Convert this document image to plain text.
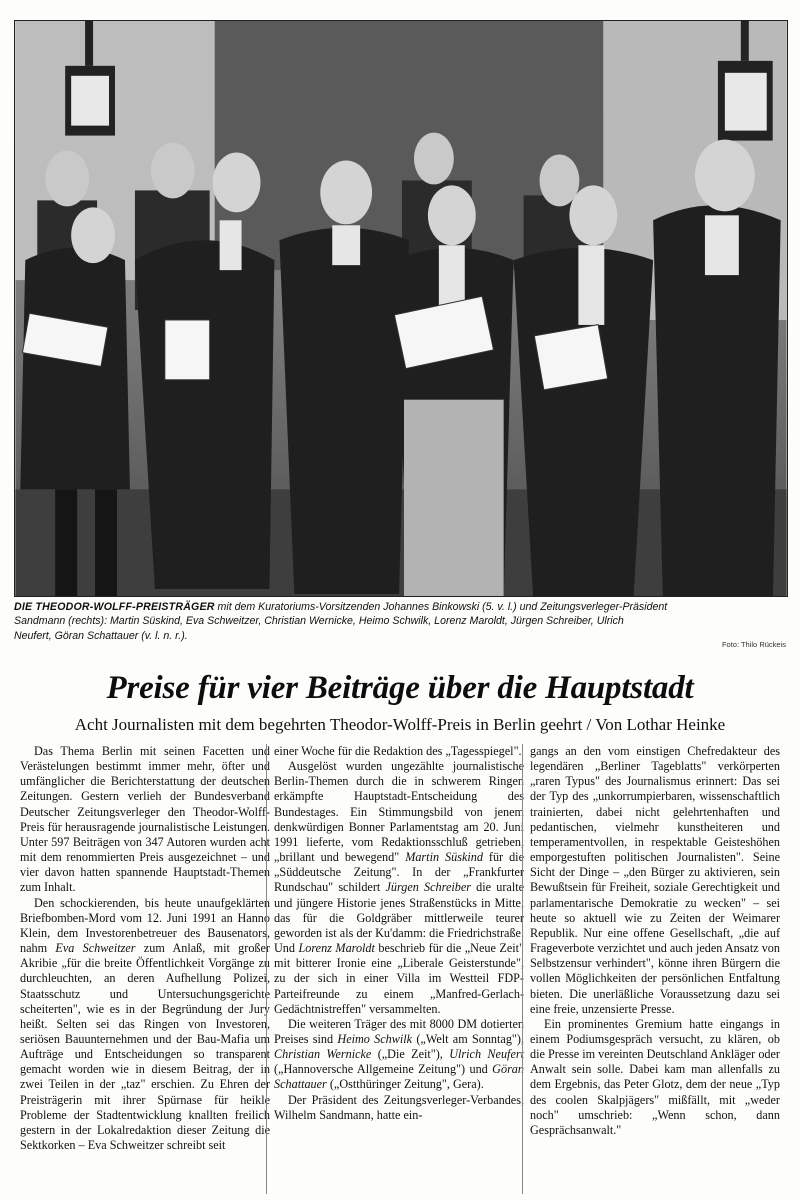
DIE THEODOR-WOLFF-PREISTRÄGER mit dem Kuratoriums-Vorsitzenden Johannes Binkowski (5. v. l.) und Zeitungsverleger-Präsident
Sandmann (rechts): Martin Süskind, Eva Schweitzer, Christian Wernicke, Heimo Schwilk, Lorenz Maroldt, Jürgen Schreiber, Ulrich
Neufert, Göran Schattauer (v. l. n. r.).
Foto: Thilo Rückeis
Preise für vier Beiträge über die Hauptstadt
Acht Journalisten mit dem begehrten Theodor-Wolff-Preis in Berlin geehrt / Von Lothar Heinke

Das Thema Berlin mit seinen Facetten und Verästelungen bestimmt immer mehr, öfter und umfänglicher die Berichterstattung der deutschen Zeitungen. Gestern verlieh der Bundesverband Deutscher Zeitungsverleger den Theodor-Wolff-Preis für herausragende journalistische Leistungen. Unter 597 Beiträgen von 347 Autoren wurden acht mit dem renommierten Preis ausgezeichnet – und vier davon hatten spannende Hauptstadt-Themen zum Inhalt.

Den schockierenden, bis heute unaufgeklärten Briefbomben-Mord vom 12. Juni 1991 an Hanno Klein, dem Investorenbetreuer des Bausenators, nahm Eva Schweitzer zum Anlaß, mit großer Akribie „für die breite Öffentlichkeit Vorgänge zu durchleuchten, an deren Aufhellung Polizei, Staatsschutz und Untersuchungsgerichte scheiterten", wie es in der Begründung der Jury heißt. Selten sei das Ringen von Investoren, seriösen Bauunternehmen und der Bau-Mafia um Aufträge und Entscheidungen so transparent gemacht worden wie in diesem Beitrag, der in zwei Teilen in der „taz" erschien. Zu Ehren der Preisträgerin mit ihrer Spürnase für heikle Probleme der Stadtentwicklung knallten freilich gestern in der Lokalredaktion dieser Zeitung die Sektkorken – Eva Schweitzer schreibt seit

einer Woche für die Redaktion des „Tagesspiegel".

Ausgelöst wurden ungezählte journalistische Berlin-Themen durch die in schwerem Ringen erkämpfte Hauptstadt-Entscheidung des Bundestages. Ein Stimmungsbild von jenem denkwürdigen Bonner Parlamentstag am 20. Juni 1991 lieferte, vom Redaktionsschluß getrieben, „brillant und bewegend" Martin Süskind für die „Süddeutsche Zeitung". In der „Frankfurter Rundschau" schildert Jürgen Schreiber die uralte und jüngere Historie jenes Straßenstücks in Mitte, das für die Goldgräber mittlerweile teurer geworden ist als der Ku'damm: die Friedrichstraße. Und Lorenz Maroldt beschrieb für die „Neue Zeit" mit bitterer Ironie eine „Liberale Geisterstunde", zu der sich in einer Villa im Westteil FDP-Parteifreunde zu einem „Manfred-Gerlach-Gedächtnistreffen" versammelten.

Die weiteren Träger des mit 8000 DM dotierten Preises sind Heimo Schwilk („Welt am Sonntag"), Christian Wernicke („Die Zeit"), Ulrich Neufert („Hannoversche Allgemeine Zeitung") und Göran Schattauer („Ostthüringer Zeitung", Gera).

Der Präsident des Zeitungsverleger-Verbandes, Wilhelm Sandmann, hatte ein-

gangs an den vom einstigen Chefredakteur des legendären „Berliner Tageblatts" verkörperten „raren Typus" des Journalismus erinnert: Das sei der Typ des „unkorrumpierbaren, wissenschaftlich trainierten, dabei nicht gelehrtenhaften und pedantischen, vielmehr kunstheiteren und temperamentvollen, in respektable Geisteshöhen emporgestuften politischen Journalisten". Seine Sicht der Dinge – „den Bürger zu aktivieren, sein Bewußtsein für Freiheit, soziale Gerechtigkeit und parlamentarische Demokratie zu wecken" – sei heute so aktuell wie zu Zeiten der Weimarer Republik. Nur eine offene Gesellschaft, „die auf Frageverbote verzichtet und auch jeden Ansatz von Selbstzensur verhindert", könne ihren Bürgern die vollen Möglichkeiten der persönlichen Entfaltung bieten. Die unerläßliche Voraussetzung dazu sei eine freie, unzensierte Presse.

Ein prominentes Gremium hatte eingangs in einem Podiumsgespräch versucht, zu klären, ob die Presse im vereinten Deutschland Ankläger oder Anwalt sein solle. Dabei kam man allenfalls zu dem Ergebnis, das Peter Glotz, dem der neue „Typ des coolen Skalpjägers" mißfällt, mit „weder noch" umschrieb: „Wenn schon, dann Gesprächsanwalt."
